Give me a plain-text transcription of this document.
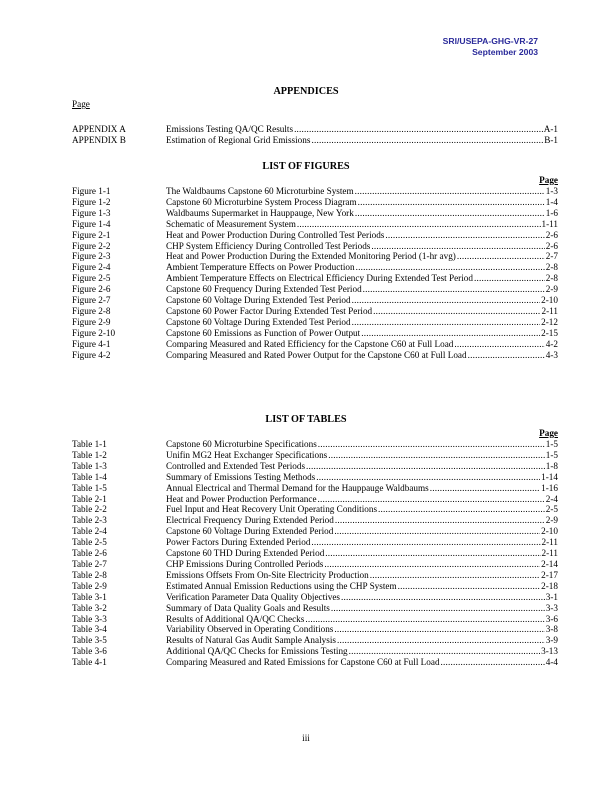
SRI/USEPA-GHG-VR-27
September 2003
APPENDICES
Page
APPENDIX A	Emissions Testing QA/QC Results .....	A-1
APPENDIX B	Estimation of Regional Grid Emissions .....	B-1
LIST OF FIGURES
Page
Figure 1-1	The Waldbaums Capstone 60 Microturbine System .....	1-3
Figure 1-2	Capstone 60 Microturbine System Process Diagram .....	1-4
Figure 1-3	Waldbaums Supermarket in Hauppauge, New York .....	1-6
Figure 1-4	Schematic of Measurement System .....	1-11
Figure 2-1	Heat and Power Production During Controlled Test Periods .....	2-6
Figure 2-2	CHP System Efficiency During Controlled Test Periods .....	2-6
Figure 2-3	Heat and Power Production During the Extended Monitoring Period (1-hr avg) .....	2-7
Figure 2-4	Ambient Temperature Effects on Power Production .....	2-8
Figure 2-5	Ambient Temperature Effects on Electrical Efficiency During Extended Test Period .....	2-8
Figure 2-6	Capstone 60 Frequency During Extended Test Period .....	2-9
Figure 2-7	Capstone 60 Voltage During Extended Test Period .....	2-10
Figure 2-8	Capstone 60 Power Factor During Extended Test Period .....	2-11
Figure 2-9	Capstone 60 Voltage During Extended Test Period .....	2-12
Figure 2-10	Capstone 60 Emissions as Function of Power Output .....	2-15
Figure 4-1	Comparing Measured and Rated Efficiency for the Capstone C60 at Full Load .....	4-2
Figure 4-2	Comparing Measured and Rated Power Output for the Capstone C60 at Full Load .....	4-3
LIST OF TABLES
Page
Table 1-1	Capstone 60 Microturbine Specifications .....	1-5
Table 1-2	Unifin MG2 Heat Exchanger Specifications .....	1-5
Table 1-3	Controlled and Extended Test Periods .....	1-8
Table 1-4	Summary of Emissions Testing Methods .....	1-14
Table 1-5	Annual Electrical and Thermal Demand for the Hauppauge Waldbaums .....	1-16
Table 2-1	Heat and Power Production Performance .....	2-4
Table 2-2	Fuel Input and Heat Recovery Unit Operating Conditions .....	2-5
Table 2-3	Electrical Frequency During Extended Period .....	2-9
Table 2-4	Capstone 60 Voltage During Extended Period .....	2-10
Table 2-5	Power Factors During Extended Period .....	2-11
Table 2-6	Capstone 60 THD During Extended Period .....	2-11
Table 2-7	CHP Emissions During Controlled Periods .....	2-14
Table 2-8	Emissions Offsets From On-Site Electricity Production .....	2-17
Table 2-9	Estimated Annual Emission Reductions using the CHP System .....	2-18
Table 3-1	Verification Parameter Data Quality Objectives .....	3-1
Table 3-2	Summary of Data Quality Goals and Results .....	3-3
Table 3-3	Results of Additional QA/QC Checks .....	3-6
Table 3-4	Variability Observed in Operating Conditions .....	3-8
Table 3-5	Results of Natural Gas Audit Sample Analysis .....	3-9
Table 3-6	Additional QA/QC Checks for Emissions Testing .....	3-13
Table 4-1	Comparing Measured and Rated Emissions for Capstone C60 at Full Load .....	4-4
iii
